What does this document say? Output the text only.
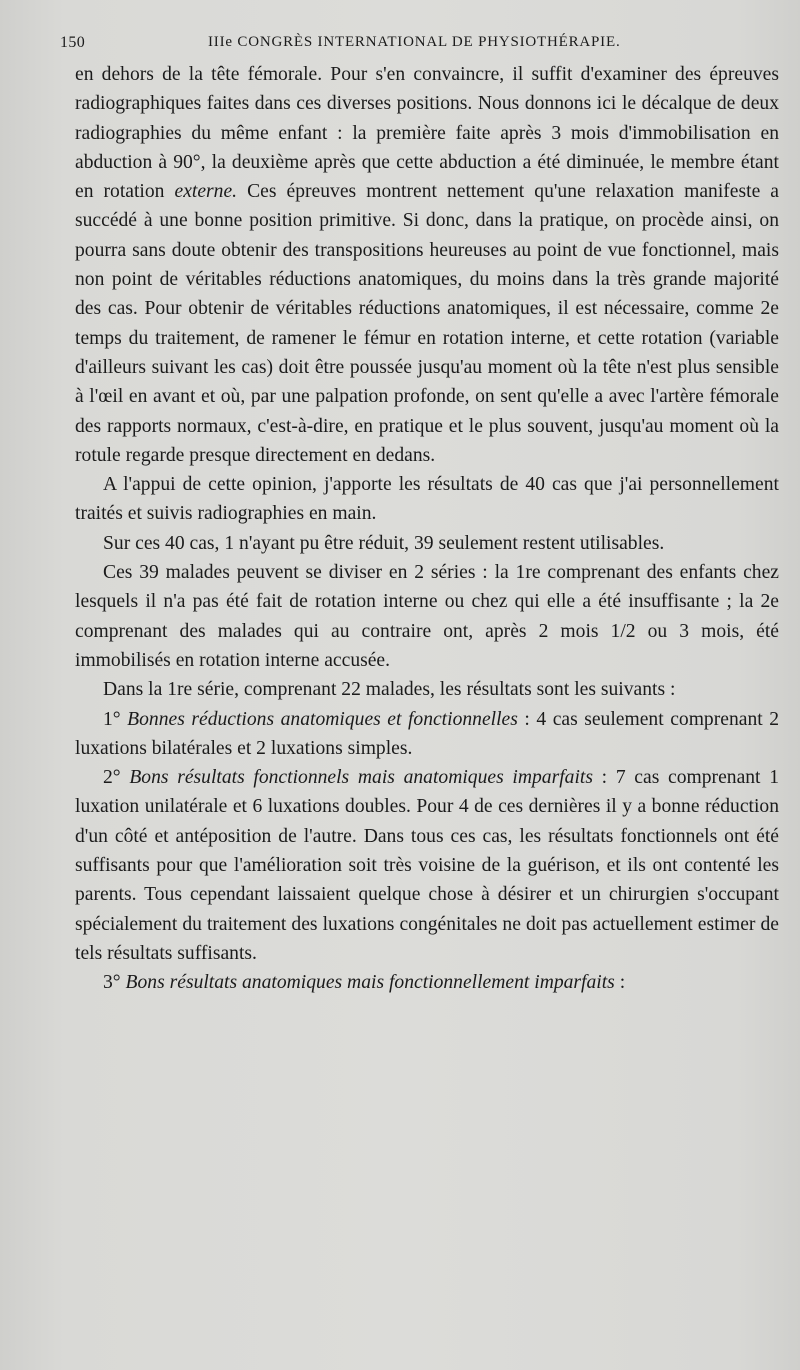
150	IIIe CONGRÈS INTERNATIONAL DE PHYSIOTHÉRAPIE.

en dehors de la tête fémorale. Pour s'en convaincre, il suffit d'examiner des épreuves radiographiques faites dans ces diverses positions. Nous donnons ici le décalque de deux radiographies du même enfant : la première faite après 3 mois d'immobilisation en abduction à 90°, la deuxième après que cette abduction a été diminuée, le membre étant en rotation externe. Ces épreuves montrent nettement qu'une relaxation manifeste a succédé à une bonne position primitive. Si donc, dans la pratique, on procède ainsi, on pourra sans doute obtenir des transpositions heureuses au point de vue fonctionnel, mais non point de véritables réductions anatomiques, du moins dans la très grande majorité des cas. Pour obtenir de véritables réductions anatomiques, il est nécessaire, comme 2e temps du traitement, de ramener le fémur en rotation interne, et cette rotation (variable d'ailleurs suivant les cas) doit être poussée jusqu'au moment où la tête n'est plus sensible à l'œil en avant et où, par une palpation profonde, on sent qu'elle a avec l'artère fémorale des rapports normaux, c'est-à-dire, en pratique et le plus souvent, jusqu'au moment où la rotule regarde presque directement en dedans.

A l'appui de cette opinion, j'apporte les résultats de 40 cas que j'ai personnellement traités et suivis radiographies en main.

Sur ces 40 cas, 1 n'ayant pu être réduit, 39 seulement restent utilisables.

Ces 39 malades peuvent se diviser en 2 séries : la 1re comprenant des enfants chez lesquels il n'a pas été fait de rotation interne ou chez qui elle a été insuffisante ; la 2e comprenant des malades qui au contraire ont, après 2 mois 1/2 ou 3 mois, été immobilisés en rotation interne accusée.

Dans la 1re série, comprenant 22 malades, les résultats sont les suivants :

1° Bonnes réductions anatomiques et fonctionnelles : 4 cas seulement comprenant 2 luxations bilatérales et 2 luxations simples.

2° Bons résultats fonctionnels mais anatomiques imparfaits : 7 cas comprenant 1 luxation unilatérale et 6 luxations doubles. Pour 4 de ces dernières il y a bonne réduction d'un côté et antéposition de l'autre. Dans tous ces cas, les résultats fonctionnels ont été suffisants pour que l'amélioration soit très voisine de la guérison, et ils ont contenté les parents. Tous cependant laissaient quelque chose à désirer et un chirurgien s'occupant spécialement du traitement des luxations congénitales ne doit pas actuellement estimer de tels résultats suffisants.

3° Bons résultats anatomiques mais fonctionnellement imparfaits :
